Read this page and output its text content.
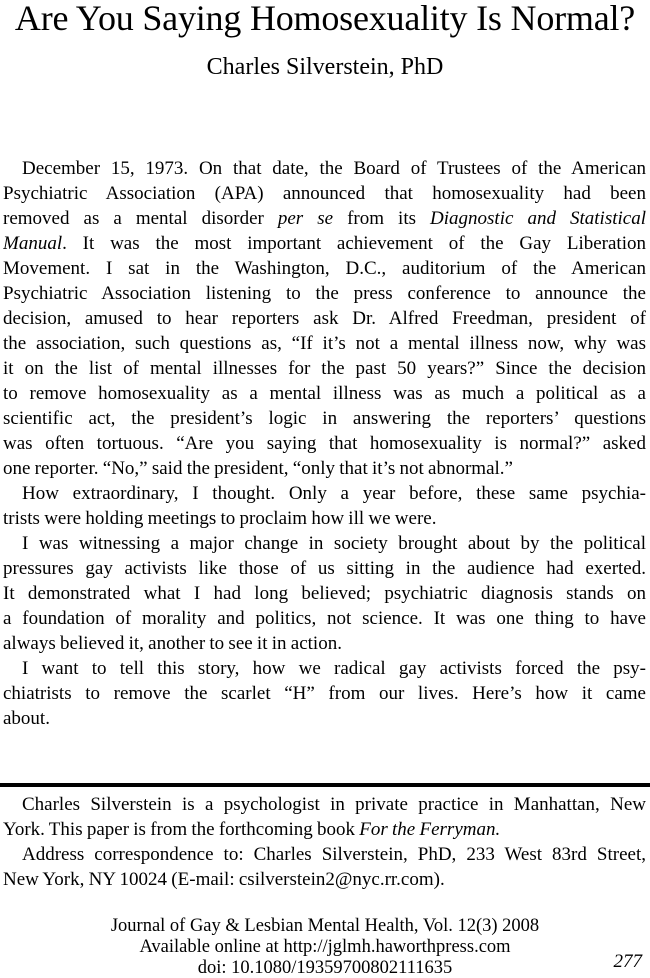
Are You Saying Homosexuality Is Normal?
Charles Silverstein, PhD
December 15, 1973. On that date, the Board of Trustees of the American
Psychiatric Association (APA) announced that homosexuality had been
removed as a mental disorder per se from its Diagnostic and Statistical
Manual. It was the most important achievement of the Gay Liberation
Movement. I sat in the Washington, D.C., auditorium of the American
Psychiatric Association listening to the press conference to announce the
decision, amused to hear reporters ask Dr. Alfred Freedman, president of
the association, such questions as, “If it’s not a mental illness now, why was
it on the list of mental illnesses for the past 50 years?” Since the decision
to remove homosexuality as a mental illness was as much a political as a
scientific act, the president’s logic in answering the reporters’ questions
was often tortuous. “Are you saying that homosexuality is normal?” asked
one reporter. “No,” said the president, “only that it’s not abnormal.”
How extraordinary, I thought. Only a year before, these same psychia-
trists were holding meetings to proclaim how ill we were.
I was witnessing a major change in society brought about by the political
pressures gay activists like those of us sitting in the audience had exerted.
It demonstrated what I had long believed; psychiatric diagnosis stands on
a foundation of morality and politics, not science. It was one thing to have
always believed it, another to see it in action.
I want to tell this story, how we radical gay activists forced the psy-
chiatrists to remove the scarlet “H” from our lives. Here’s how it came
about.
Charles Silverstein is a psychologist in private practice in Manhattan, New
York. This paper is from the forthcoming book For the Ferryman.
Address correspondence to: Charles Silverstein, PhD, 233 West 83rd Street,
New York, NY 10024 (E-mail: csilverstein2@nyc.rr.com).
Journal of Gay & Lesbian Mental Health, Vol. 12(3) 2008
Available online at http://jglmh.haworthpress.com
doi: 10.1080/19359700802111635	277
